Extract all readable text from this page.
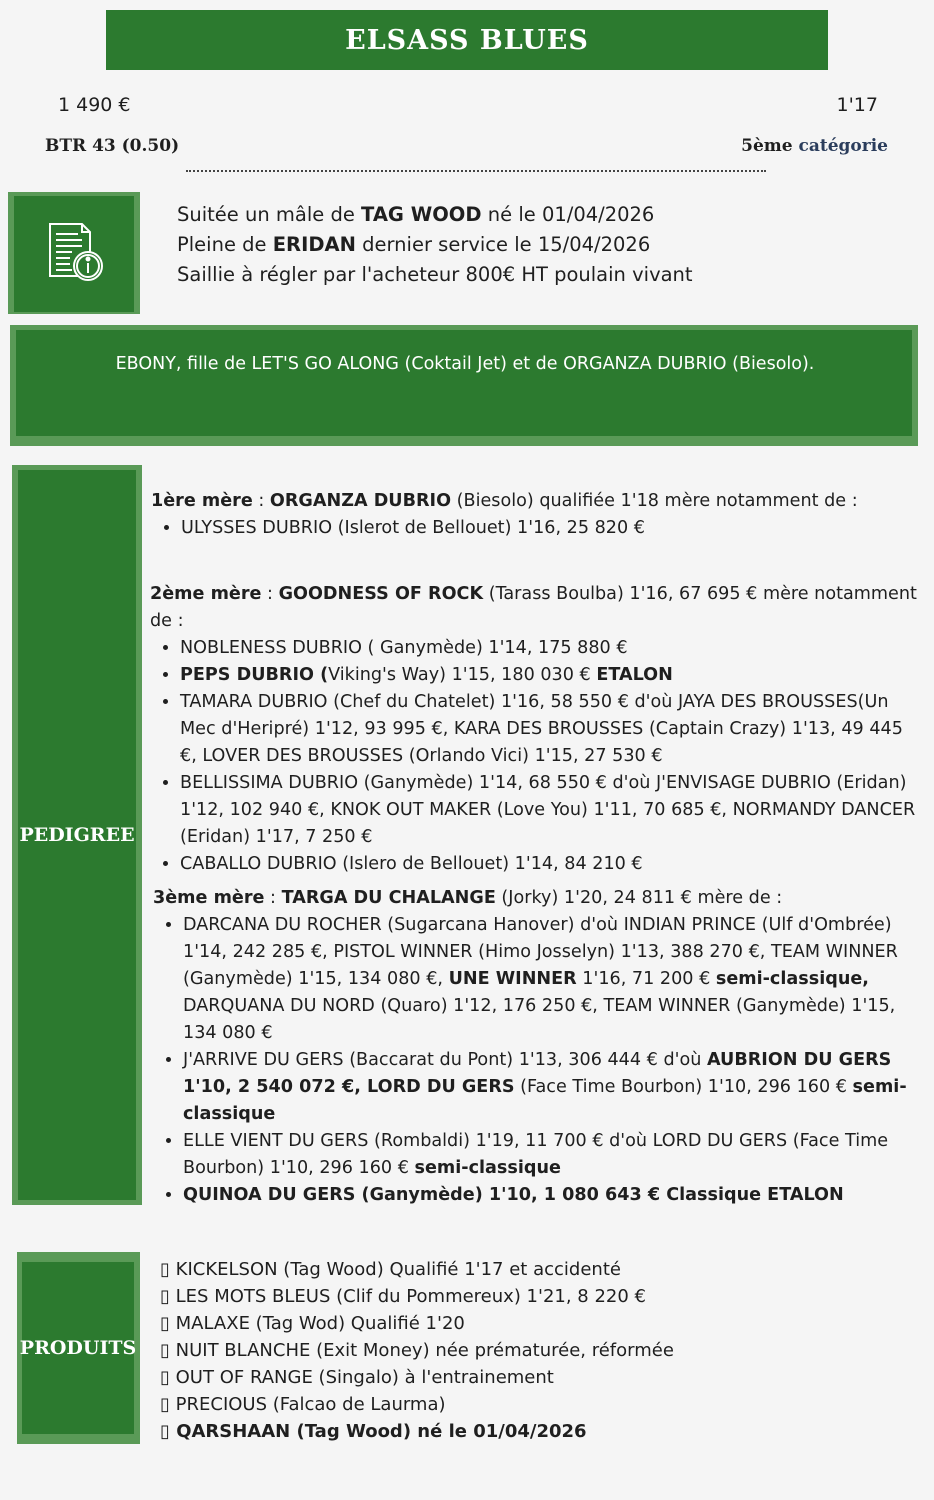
ELSASS BLUES
1 490 €	1'17
BTR 43 (0.50)	5ème catégorie
Suitée un mâle de TAG WOOD né le 01/04/2026
Pleine de ERIDAN dernier service le 15/04/2026
Saillie à régler par l'acheteur 800€ HT poulain vivant
EBONY, fille de LET'S GO ALONG (Coktail Jet) et de ORGANZA DUBRIO (Biesolo).
PEDIGREE

1ère mère : ORGANZA DUBRIO (Biesolo) qualifiée 1'18 mère notamment de :

• ULYSSES DUBRIO (Islerot de Bellouet) 1'16, 25 820 €

2ème mère : GOODNESS OF ROCK (Tarass Boulba) 1'16, 67 695 € mère notamment de :

• NOBLENESS DUBRIO ( Ganymède) 1'14, 175 880 €
• PEPS DUBRIO (Viking's Way) 1'15, 180 030 € ETALON
• TAMARA DUBRIO (Chef du Chatelet) 1'16, 58 550 € d'où JAYA DES BROUSSES(Un Mec d'Heripré) 1'12, 93 995 €, KARA DES BROUSSES (Captain Crazy) 1'13, 49 445 €, LOVER DES BROUSSES (Orlando Vici) 1'15, 27 530 €
• BELLISSIMA DUBRIO (Ganymède) 1'14, 68 550 € d'où J'ENVISAGE DUBRIO (Eridan) 1'12, 102 940 €, KNOK OUT MAKER (Love You) 1'11, 70 685 €, NORMANDY DANCER (Eridan) 1'17, 7 250 €
• CABALLO DUBRIO (Islero de Bellouet) 1'14, 84 210 €

3ème mère : TARGA DU CHALANGE (Jorky) 1'20, 24 811 € mère de :

• DARCANA DU ROCHER (Sugarcana Hanover) d'où INDIAN PRINCE (Ulf d'Ombrée) 1'14, 242 285 €, PISTOL WINNER (Himo Josselyn) 1'13, 388 270 €, TEAM WINNER (Ganymède) 1'15, 134 080 €, UNE WINNER 1'16, 71 200 € semi-classique, DARQUANA DU NORD (Quaro) 1'12, 176 250 €, TEAM WINNER (Ganymède) 1'15, 134 080 €
• J'ARRIVE DU GERS (Baccarat du Pont) 1'13, 306 444 € d'où AUBRION DU GERS 1'10, 2 540 072 €, LORD DU GERS (Face Time Bourbon) 1'10, 296 160 € semi-classique
• ELLE VIENT DU GERS (Rombaldi) 1'19, 11 700 € d'où LORD DU GERS (Face Time Bourbon) 1'10, 296 160 € semi-classique
• QUINOA DU GERS (Ganymède) 1'10, 1 080 643 € Classique ETALON
PRODUITS
▯ KICKELSON (Tag Wood) Qualifié 1'17 et accidenté
▯ LES MOTS BLEUS (Clif du Pommereux) 1'21, 8 220 €
▯ MALAXE (Tag Wod) Qualifié 1'20
▯ NUIT BLANCHE (Exit Money) née prématurée, réformée
▯ OUT OF RANGE (Singalo) à l'entrainement
▯ PRECIOUS (Falcao de Laurma)
▯ QARSHAAN (Tag Wood) né le 01/04/2026
